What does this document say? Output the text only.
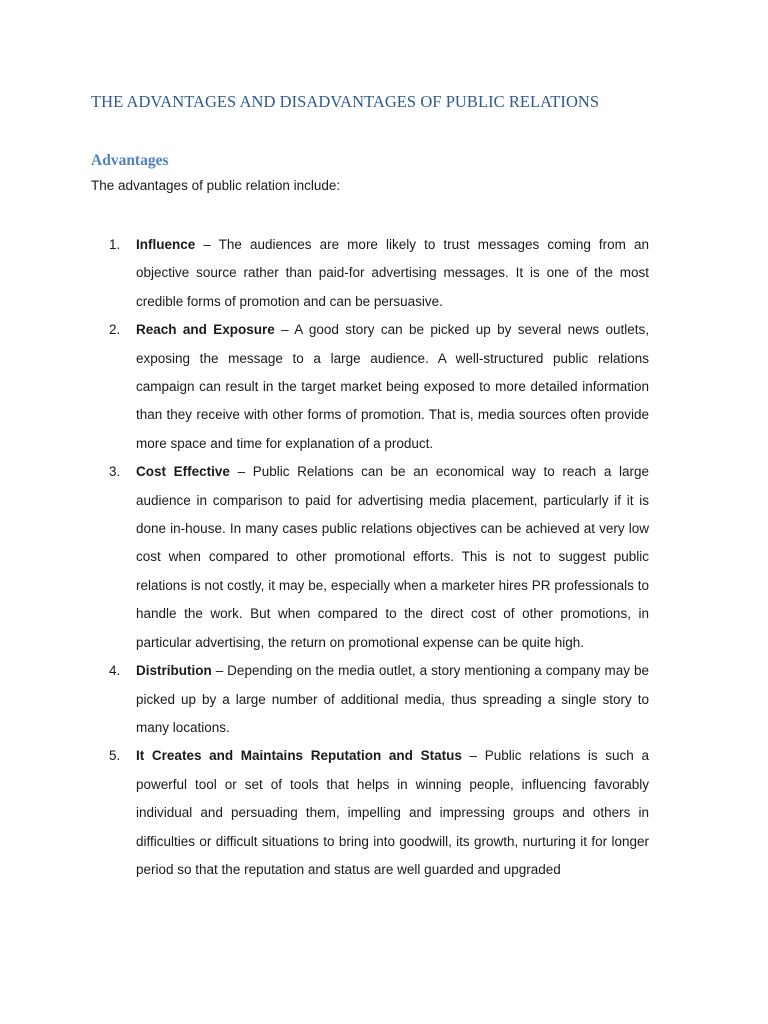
THE ADVANTAGES AND DISADVANTAGES OF PUBLIC RELATIONS
Advantages

The advantages of public relation include:

1.	Influence – The audiences are more likely to trust messages coming from an objective source rather than paid-for advertising messages. It is one of the most credible forms of promotion and can be persuasive.
2.	Reach and Exposure – A good story can be picked up by several news outlets, exposing the message to a large audience. A well-structured public relations campaign can result in the target market being exposed to more detailed information than they receive with other forms of promotion. That is, media sources often provide more space and time for explanation of a product.
3.	Cost Effective – Public Relations can be an economical way to reach a large audience in comparison to paid for advertising media placement, particularly if it is done in-house. In many cases public relations objectives can be achieved at very low cost when compared to other promotional efforts. This is not to suggest public relations is not costly, it may be, especially when a marketer hires PR professionals to handle the work. But when compared to the direct cost of other promotions, in particular advertising, the return on promotional expense can be quite high.
4.	Distribution – Depending on the media outlet, a story mentioning a company may be picked up by a large number of additional media, thus spreading a single story to many locations.
5.	It Creates and Maintains Reputation and Status – Public relations is such a powerful tool or set of tools that helps in winning people, influencing favorably individual and persuading them, impelling and impressing groups and others in difficulties or difficult situations to bring into goodwill, its growth, nurturing it for longer period so that the reputation and status are well guarded and upgraded
